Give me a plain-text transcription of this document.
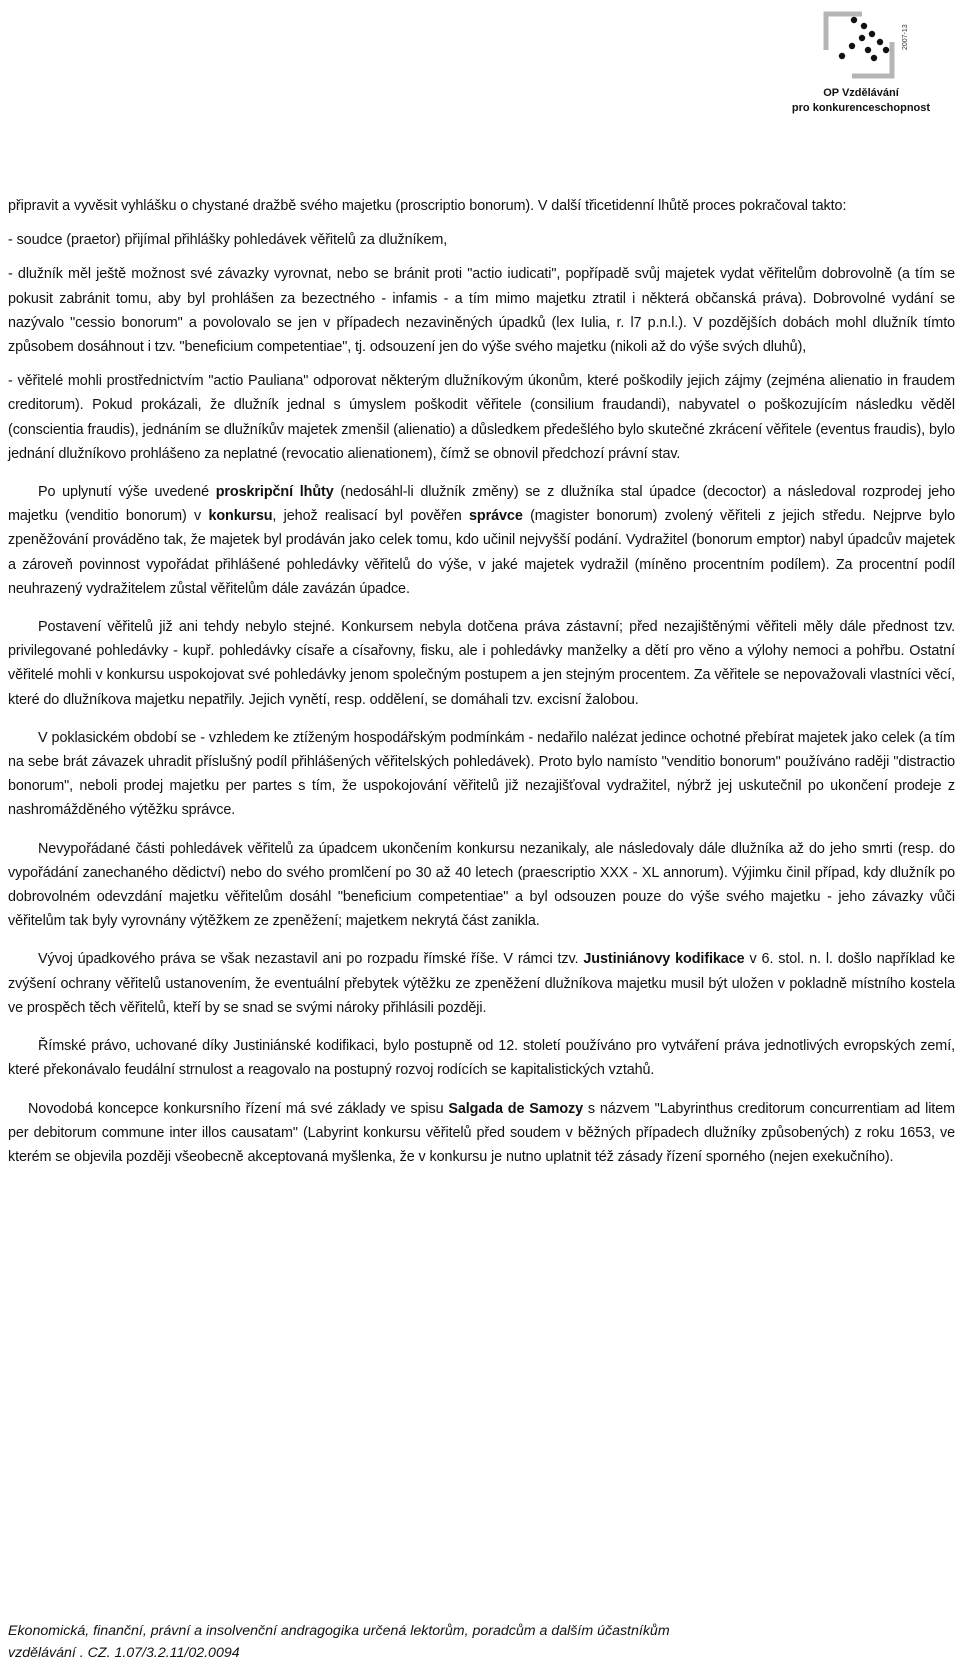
2007-13
OP Vzdělávání
pro konkurenceschopnost

připravit a vyvěsit vyhlášku o chystané dražbě svého majetku (proscriptio bonorum). V další třicetidenní lhůtě proces pokračoval takto:

- soudce (praetor) přijímal přihlášky pohledávek věřitelů za dlužníkem,

- dlužník měl ještě možnost své závazky vyrovnat, nebo se bránit proti "actio iudicati", popřípadě svůj majetek vydat věřitelům dobrovolně (a tím se pokusit zabránit tomu, aby byl prohlášen za bezectného - infamis - a tím mimo majetku ztratil i některá občanská práva). Dobrovolné vydání se nazývalo "cessio bonorum" a povolovalo se jen v případech nezaviněných úpadků (lex Iulia, r. l7 p.n.l.). V pozdějších dobách mohl dlužník tímto způsobem dosáhnout i tzv. "beneficium competentiae", tj. odsouzení jen do výše svého majetku (nikoli až do výše svých dluhů),

- věřitelé mohli prostřednictvím "actio Pauliana" odporovat některým dlužníkovým úkonům, které poškodily jejich zájmy (zejména alienatio in fraudem creditorum). Pokud prokázali, že dlužník jednal s úmyslem poškodit věřitele (consilium fraudandi), nabyvatel o poškozujícím následku věděl (conscientia fraudis), jednáním se dlužníkův majetek zmenšil (alienatio) a důsledkem předešlého bylo skutečné zkrácení věřitele (eventus fraudis), bylo jednání dlužníkovo prohlášeno za neplatné (revocatio alienationem), čímž se obnovil předchozí právní stav.

Po uplynutí výše uvedené proskripční lhůty (nedosáhl-li dlužník změny) se z dlužníka stal úpadce (decoctor) a následoval rozprodej jeho majetku (venditio bonorum) v konkursu, jehož realisací byl pověřen správce (magister bonorum) zvolený věřiteli z jejich středu. Nejprve bylo zpeněžování prováděno tak, že majetek byl prodáván jako celek tomu, kdo učinil nejvyšší podání. Vydražitel (bonorum emptor) nabyl úpadcův majetek a zároveň povinnost vypořádat přihlášené pohledávky věřitelů do výše, v jaké majetek vydražil (míněno procentním podílem). Za procentní podíl neuhrazený vydražitelem zůstal věřitelům dále zavázán úpadce.

Postavení věřitelů již ani tehdy nebylo stejné. Konkursem nebyla dotčena práva zástavní; před nezajištěnými věřiteli měly dále přednost tzv. privilegované pohledávky - kupř. pohledávky císaře a císařovny, fisku, ale i pohledávky manželky a dětí pro věno a výlohy nemoci a pohřbu. Ostatní věřitelé mohli v konkursu uspokojovat své pohledávky jenom společným postupem a jen stejným procentem. Za věřitele se nepovažovali vlastníci věcí, které do dlužníkova majetku nepatřily. Jejich vynětí, resp. oddělení, se domáhali tzv. excisní žalobou.

V poklasickém období se - vzhledem ke ztíženým hospodářským podmínkám - nedařilo nalézat jedince ochotné přebírat majetek jako celek (a tím na sebe brát závazek uhradit příslušný podíl přihlášených věřitelských pohledávek). Proto bylo namísto "venditio bonorum" používáno raději "distractio bonorum", neboli prodej majetku per partes s tím, že uspokojování věřitelů již nezajišťoval vydražitel, nýbrž jej uskutečnil po ukončení prodeje z nashromážděného výtěžku správce.

Nevypořádané části pohledávek věřitelů za úpadcem ukončením konkursu nezanikaly, ale následovaly dále dlužníka až do jeho smrti (resp. do vypořádání zanechaného dědictví) nebo do svého promlčení po 30 až 40 letech (praescriptio XXX - XL annorum). Výjimku činil případ, kdy dlužník po dobrovolném odevzdání majetku věřitelům dosáhl "beneficium competentiae" a byl odsouzen pouze do výše svého majetku - jeho závazky vůči věřitelům tak byly vyrovnány výtěžkem ze zpeněžení; majetkem nekrytá část zanikla.

Vývoj úpadkového práva se však nezastavil ani po rozpadu římské říše. V rámci tzv. Justiniánovy kodifikace v 6. stol. n. l. došlo například ke zvýšení ochrany věřitelů ustanovením, že eventuální přebytek výtěžku ze zpeněžení dlužníkova majetku musil být uložen v pokladně místního kostela ve prospěch těch věřitelů, kteří by se snad se svými nároky přihlásili později.

Římské právo, uchované díky Justiniánské kodifikaci, bylo postupně od 12. století používáno pro vytváření práva jednotlivých evropských zemí, které překonávalo feudální strnulost a reagovalo na postupný rozvoj rodících se kapitalistických vztahů.

Novodobá koncepce konkursního řízení má své základy ve spisu Salgada de Samozy s názvem "Labyrinthus creditorum concurrentiam ad litem per debitorum commune inter illos causatam" (Labyrint konkursu věřitelů před soudem v běžných případech dlužníky způsobených) z roku 1653, ve kterém se objevila později všeobecně akceptovaná myšlenka, že v konkursu je nutno uplatnit též zásady řízení sporného (nejen exekučního).

Ekonomická, finanční, právní a insolvenční andragogika určená lektorům, poradcům a dalším účastníkům
vzdělávání . CZ. 1.07/3.2.11/02.0094
